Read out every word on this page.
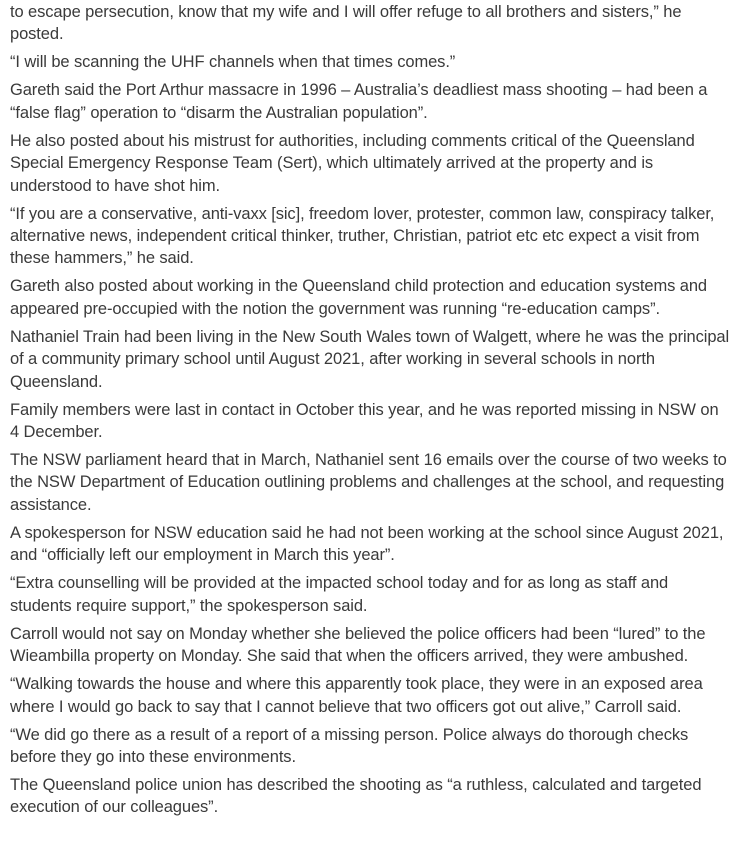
to escape persecution, know that my wife and I will offer refuge to all brothers and sisters,” he posted.

“I will be scanning the UHF channels when that times comes.”

Gareth said the Port Arthur massacre in 1996 – Australia’s deadliest mass shooting – had been a “false flag” operation to “disarm the Australian population”.

He also posted about his mistrust for authorities, including comments critical of the Queensland Special Emergency Response Team (Sert), which ultimately arrived at the property and is understood to have shot him.

“If you are a conservative, anti-vaxx [sic], freedom lover, protester, common law, conspiracy talker, alternative news, independent critical thinker, truther, Christian, patriot etc etc expect a visit from these hammers,” he said.

Gareth also posted about working in the Queensland child protection and education systems and appeared pre-occupied with the notion the government was running “re-education camps”.

Nathaniel Train had been living in the New South Wales town of Walgett, where he was the principal of a community primary school until August 2021, after working in several schools in north Queensland.

Family members were last in contact in October this year, and he was reported missing in NSW on 4 December.

The NSW parliament heard that in March, Nathaniel sent 16 emails over the course of two weeks to the NSW Department of Education outlining problems and challenges at the school, and requesting assistance.

A spokesperson for NSW education said he had not been working at the school since August 2021, and “officially left our employment in March this year”.

“Extra counselling will be provided at the impacted school today and for as long as staff and students require support,” the spokesperson said.

Carroll would not say on Monday whether she believed the police officers had been “lured” to the Wieambilla property on Monday. She said that when the officers arrived, they were ambushed.

“Walking towards the house and where this apparently took place, they were in an exposed area where I would go back to say that I cannot believe that two officers got out alive,” Carroll said.

“We did go there as a result of a report of a missing person. Police always do thorough checks before they go into these environments.

The Queensland police union has described the shooting as “a ruthless, calculated and targeted execution of our colleagues”.
